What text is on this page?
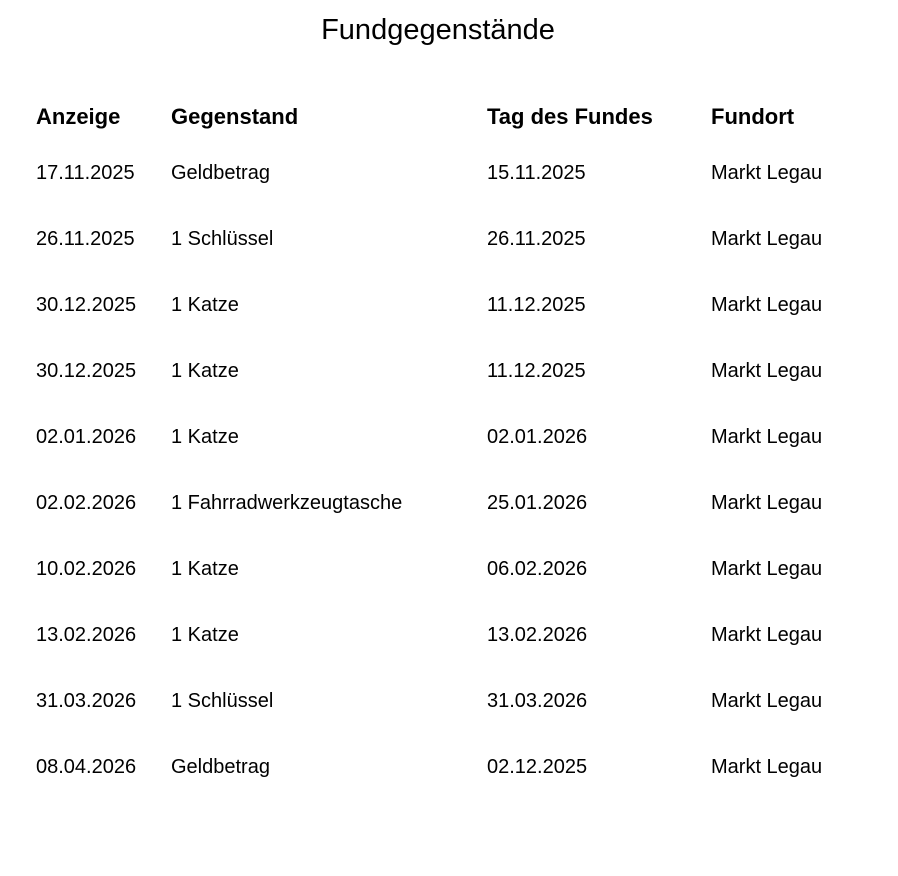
Fundgegenstände
Anzeige	Gegenstand	Tag des Fundes	Fundort
17.11.2025	Geldbetrag	15.11.2025	Markt Legau
26.11.2025	1 Schlüssel	26.11.2025	Markt Legau
30.12.2025	1 Katze	11.12.2025	Markt Legau
30.12.2025	1 Katze	11.12.2025	Markt Legau
02.01.2026	1 Katze	02.01.2026	Markt Legau
02.02.2026	1 Fahrradwerkzeugtasche	25.01.2026	Markt Legau
10.02.2026	1 Katze	06.02.2026	Markt Legau
13.02.2026	1 Katze	13.02.2026	Markt Legau
31.03.2026	1 Schlüssel	31.03.2026	Markt Legau
08.04.2026	Geldbetrag	02.12.2025	Markt Legau
